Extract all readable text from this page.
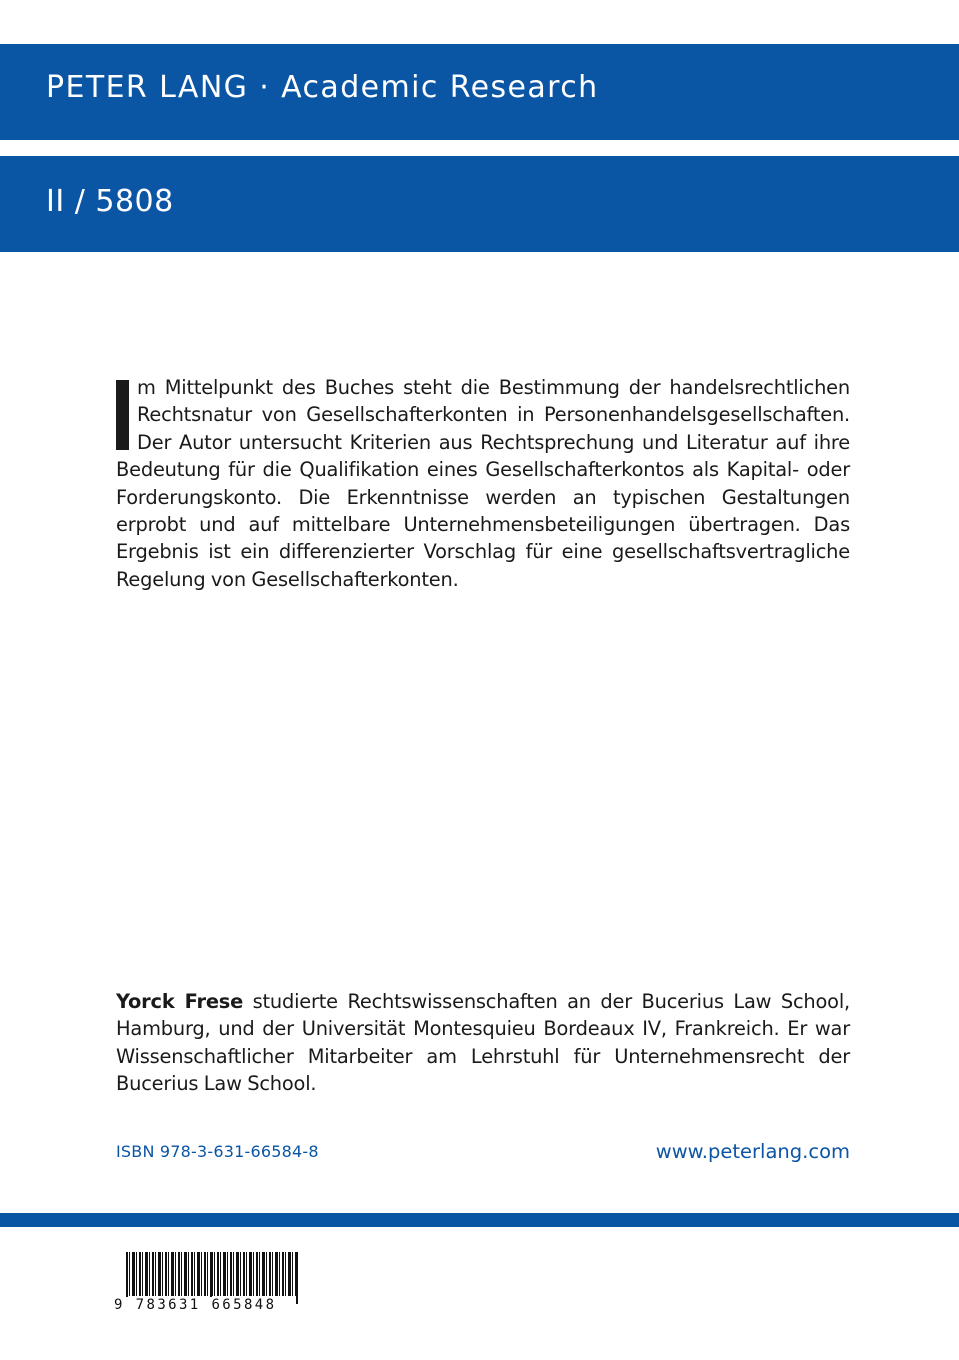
PETER LANG · Academic Research
II / 5808
m Mittelpunkt des Buches steht die Bestimmung der handelsrechtlichen Rechtsnatur von Gesellschafterkonten in Personenhandelsgesellschaften. Der Autor untersucht Kriterien aus Rechtsprechung und Literatur auf ihre Bedeutung für die Qualifikation eines Gesellschafterkontos als Kapital- oder Forderungskonto. Die Erkenntnisse werden an typischen Gestaltungen erprobt und auf mittelbare Unternehmensbeteiligungen übertragen. Das Ergebnis ist ein differenzierter Vorschlag für eine gesellschaftsvertragliche Regelung von Gesellschafterkonten.
Yorck Frese studierte Rechtswissenschaften an der Bucerius Law School, Hamburg, und der Universität Montesquieu Bordeaux IV, Frankreich. Er war Wissenschaftlicher Mitarbeiter am Lehrstuhl für Unternehmensrecht der Bucerius Law School.
ISBN 978-3-631-66584-8	www.peterlang.com
9 783631 665848
